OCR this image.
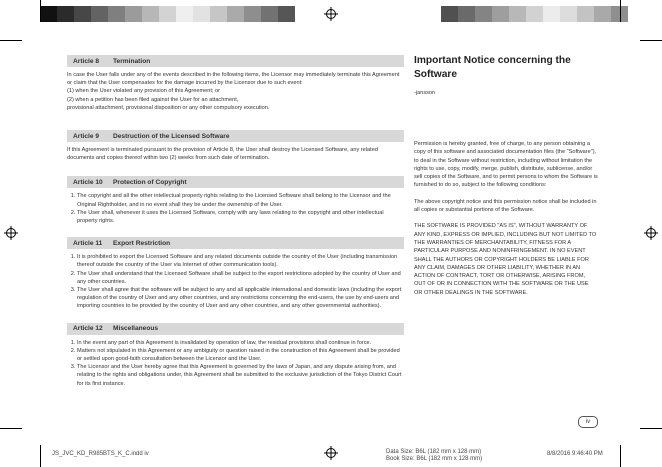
Article 8	Termination

In case the User falls under any of the events described in the following items, the Licensor may immediately terminate this Agreement or claim that the User compensates for the damage incurred by the Licensor due to such event:

(1) when the User violated any provision of this Agreement; or

(2) when a petition has been filed against the User for an attachment,

provisional attachment, provisional disposition or any other compulsory execution.

Article 9	Destruction of the Licensed Software

If this Agreement is terminated pursuant to the provision of Article 8, the User shall destroy the Licensed Software, any related documents and copies thereof within two (2) weeks from such date of termination.

Article 10	Protection of Copyright
1. The copyright and all the other intellectual property rights relating to the Licensed Software shall belong to the Licensor and the Original Rightholder, and in no event shall they be under the ownership of the User.
2. The User shall, whenever it uses the Licensed Software, comply with any laws relating to the copyright and other intellectual property rights.
Article 11	Export Restriction
1. It is prohibited to export the Licensed Software and any related documents outside the country of the User (including transmission thereof outside the country of the User via Internet of other communication tools).
2. The User shall understand that the Licensed Software shall be subject to the export restrictions adopted by the country of User and any other countries.
3. The User shall agree that the software will be subject to any and all applicable international and domestic laws (including the export regulation of the country of User and any other countries, and any restrictions concerning the end-users, the use by end-users and importing countries to be provided by the country of User and any other countries, and any other governmental authorities).
Article 12	Miscellaneous
1. In the event any part of this Agreement is invalidated by operation of law, the residual provisions shall continue in force.
2. Matters not stipulated in this Agreement or any ambiguity or question raised in the construction of this Agreement shall be provided or settled upon good-faith consultation between the Licensor and the User.
3. The Licensor and the User hereby agree that this Agreement is governed by the laws of Japan, and any dispute arising from, and relating to the rights and obligations under, this Agreement shall be submitted to the exclusive jurisdiction of the Tokyo District Court for its first instance.
Important Notice concerning the Software
-jansson

Permission is hereby granted, free of charge, to any person obtaining a copy of this software and associated documentation files (the "Software"), to deal in the Software without restriction, including without limitation the rights to use, copy, modify, merge, publish, distribute, sublicense, and/or sell copies of the Software, and to permit persons to whom the Software is furnished to do so, subject to the following conditions:

The above copyright notice and this permission notice shall be included in all copies or substantial portions of the Software.

THE SOFTWARE IS PROVIDED "AS IS", WITHOUT WARRANTY OF ANY KIND, EXPRESS OR IMPLIED, INCLUDING BUT NOT LIMITED TO THE WARRANTIES OF MERCHANTABILITY, FITNESS FOR A PARTICULAR PURPOSE AND NONINFRINGEMENT. IN NO EVENT SHALL THE AUTHORS OR COPYRIGHT HOLDERS BE LIABLE FOR ANY CLAIM, DAMAGES OR OTHER LIABILITY, WHETHER IN AN ACTION OF CONTRACT, TORT OR OTHERWISE, ARISING FROM, OUT OF OR IN CONNECTION WITH THE SOFTWARE OR THE USE OR OTHER DEALINGS IN THE SOFTWARE.

iv
JS_JVC_KD_R985BTS_K_C.indd iv	Data Size: B6L (182 mm x 128 mm)
Book Size: B6L (182 mm x 128 mm)
8/8/2016 9:46:40 PM
